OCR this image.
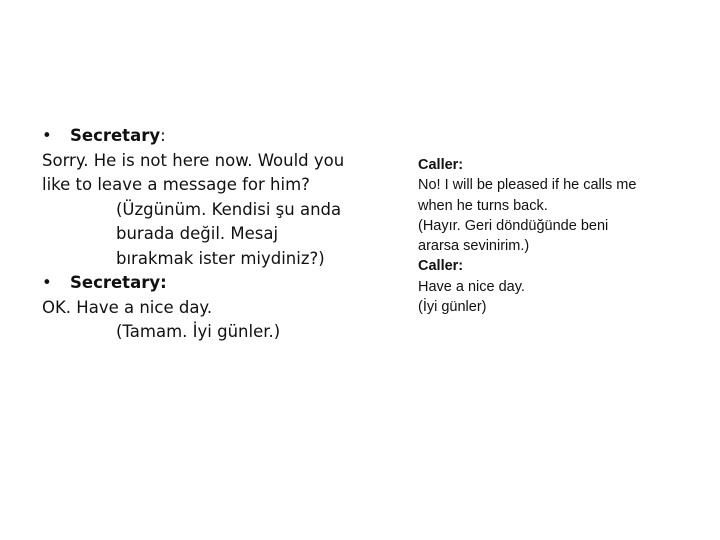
•	Secretary :
Sorry. He is not here now. Would you
like to leave a message for him?
(Üzgünüm. Kendisi şu anda
burada değil. Mesaj
bırakmak ister miydiniz?)
•	Secretary:
OK. Have a nice day.
(Tamam. İyi günler.)
Caller:
No! I will be pleased if he calls me
when he turns back.
(Hayır. Geri döndüğünde beni
ararsa sevinirim.)
Caller:
Have a nice day.
(İyi günler)
